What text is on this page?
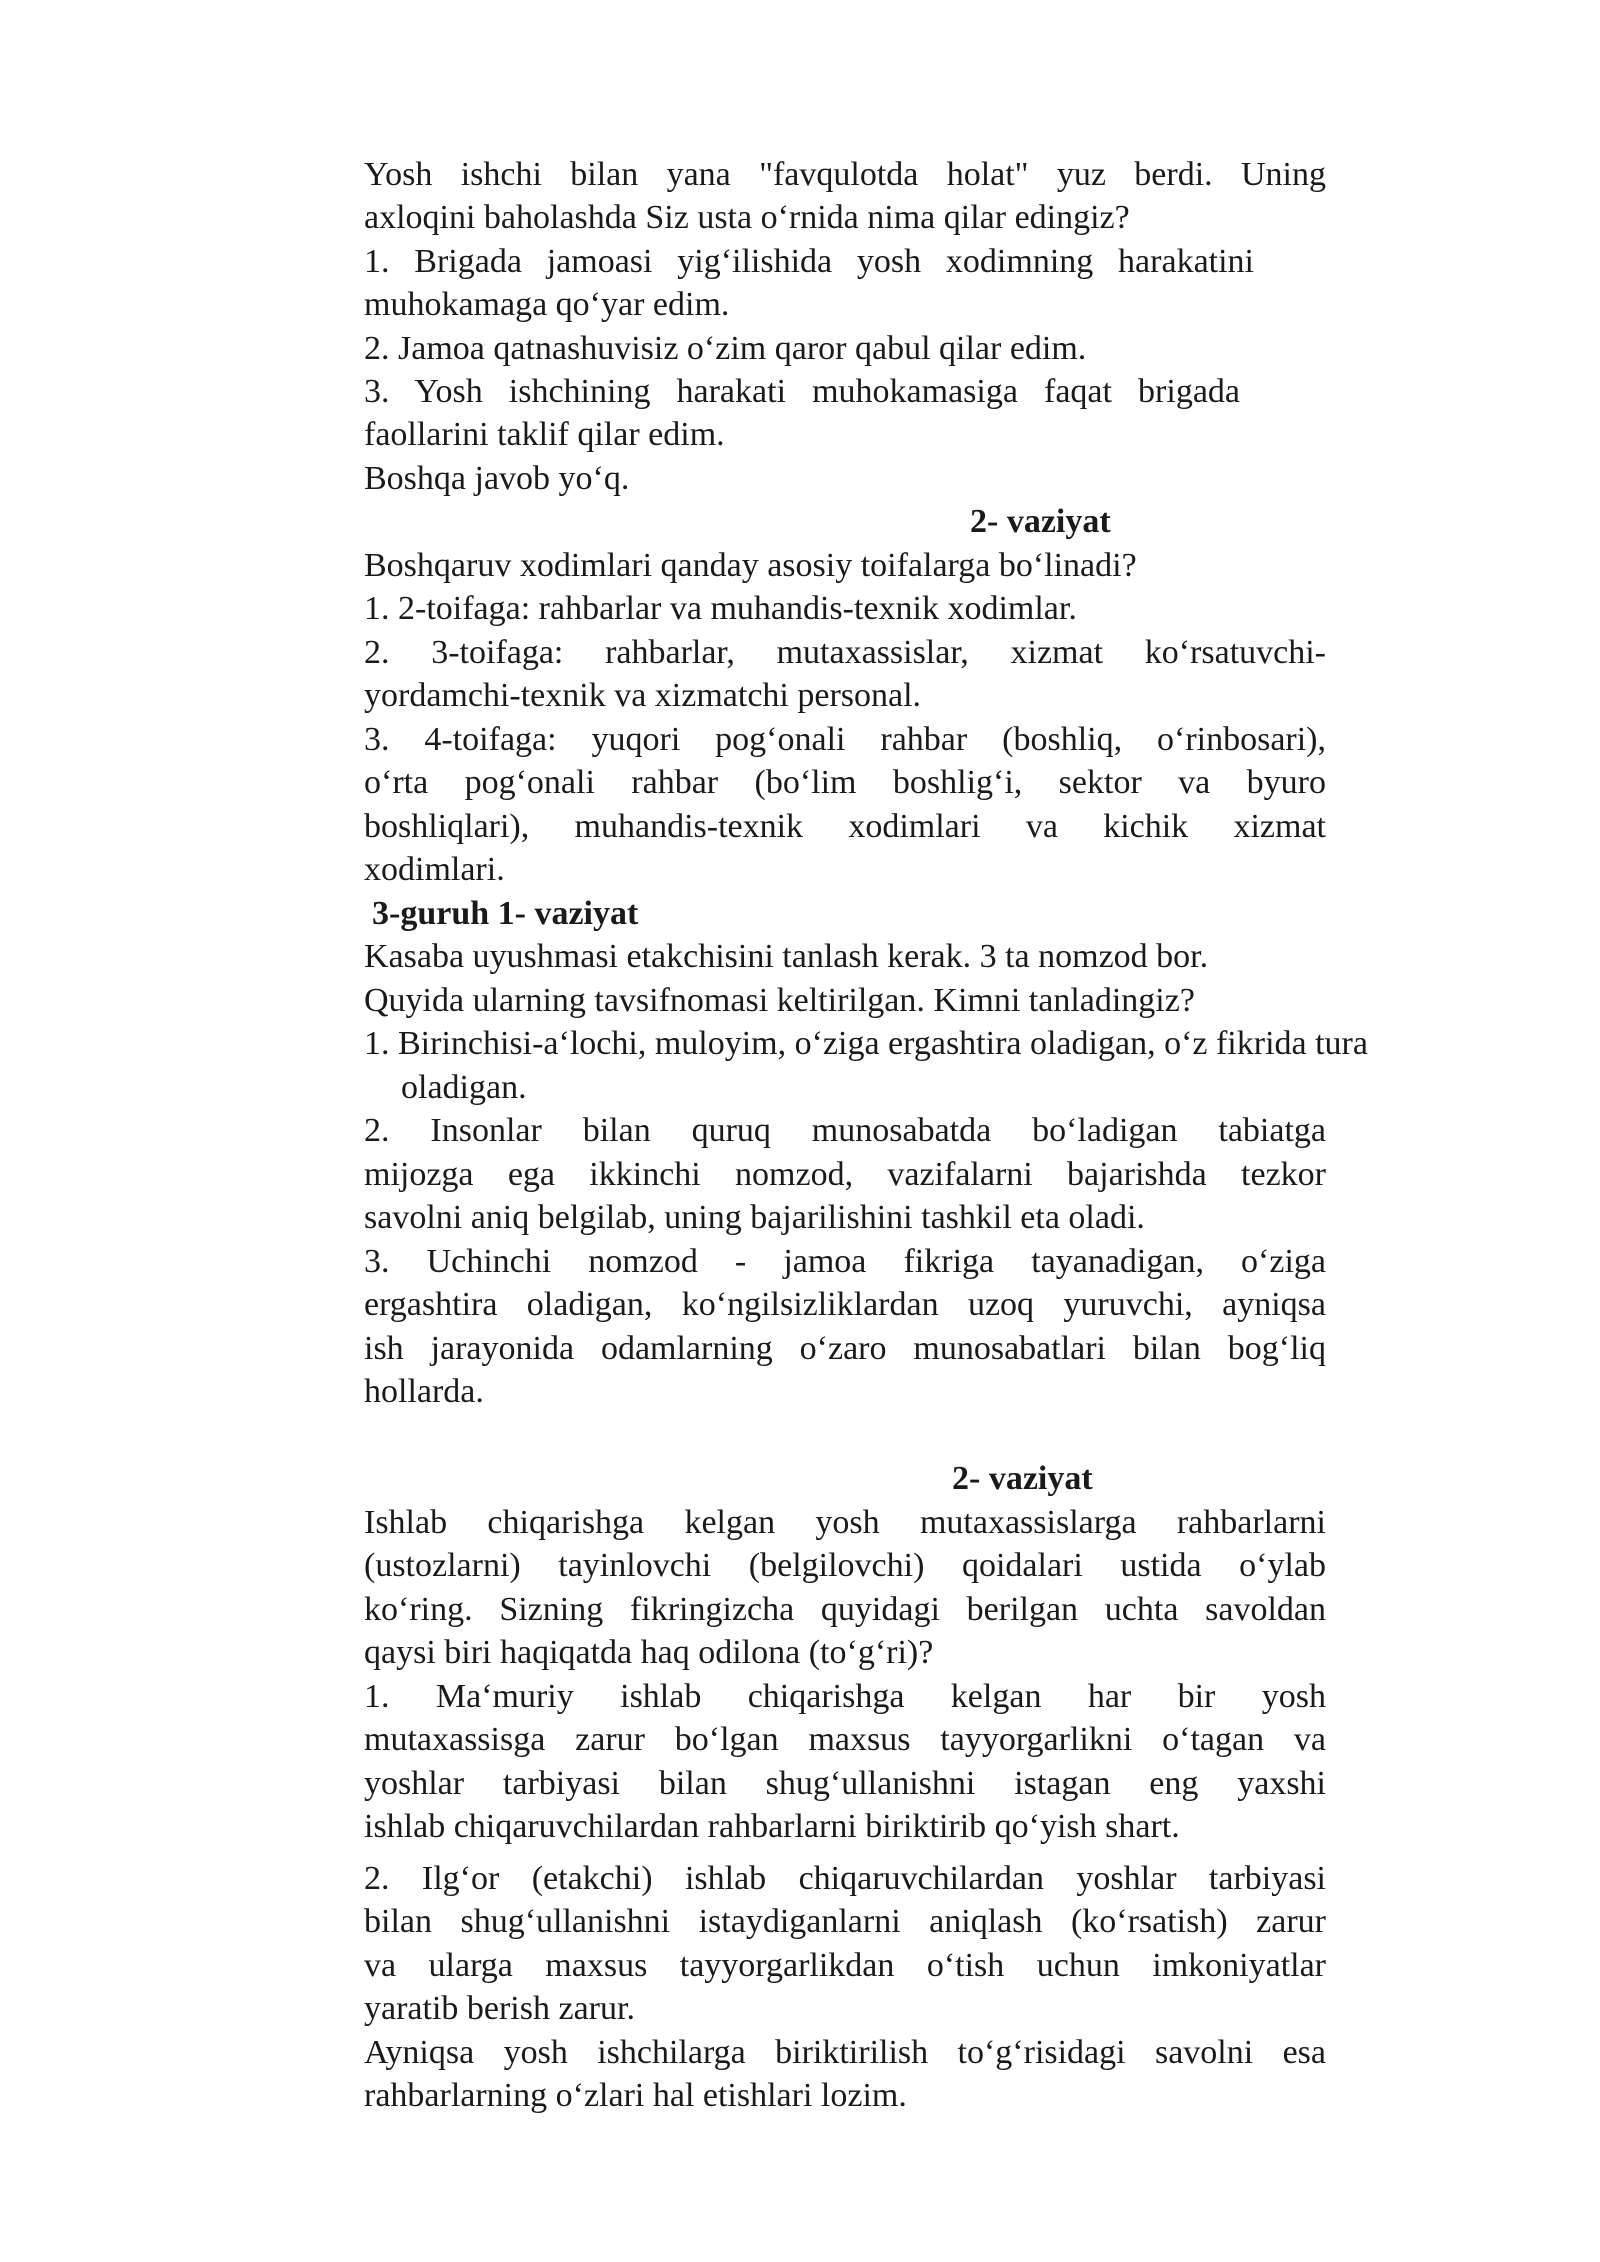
Yosh ishchi bilan yana "favqulotda holat" yuz berdi. Uning
axloqini baholashda Siz usta o‘rnida nima qilar edingiz?
1. Brigada jamoasi yig‘ilishida yosh xodimning harakatini
muhokamaga qo‘yar edim.
2. Jamoa qatnashuvisiz o‘zim qaror qabul qilar edim.
3. Yosh ishchining harakati muhokamasiga faqat brigada
faollarini taklif qilar edim.
Boshqa javob yo‘q.
2- vaziyat
Boshqaruv xodimlari qanday asosiy toifalarga bo‘linadi?
1. 2-toifaga: rahbarlar va muhandis-texnik xodimlar.
2. 3-toifaga: rahbarlar, mutaxassislar, xizmat ko‘rsatuvchi-
yordamchi-texnik va xizmatchi personal.
3. 4-toifaga: yuqori pog‘onali rahbar (boshliq, o‘rinbosari),
o‘rta pog‘onali rahbar (bo‘lim boshlig‘i, sektor va byuro
boshliqlari), muhandis-texnik xodimlari va kichik xizmat
xodimlari.
3-guruh 1- vaziyat
Kasaba uyushmasi etakchisini tanlash kerak. 3 ta nomzod bor.
Quyida ularning tavsifnomasi keltirilgan. Kimni tanladingiz?
1. Birinchisi-a‘lochi, muloyim, o‘ziga ergashtira oladigan, o‘z fikrida tura
oladigan.
2. Insonlar bilan quruq munosabatda bo‘ladigan tabiatga
mijozga ega ikkinchi nomzod, vazifalarni bajarishda tezkor
savolni aniq belgilab, uning bajarilishini tashkil eta oladi.
3. Uchinchi nomzod - jamoa fikriga tayanadigan, o‘ziga
ergashtira oladigan, ko‘ngilsizliklardan uzoq yuruvchi, ayniqsa
ish jarayonida odamlarning o‘zaro munosabatlari bilan bog‘liq
hollarda.
2- vaziyat
Ishlab chiqarishga kelgan yosh mutaxassislarga rahbarlarni
(ustozlarni) tayinlovchi (belgilovchi) qoidalari ustida o‘ylab
ko‘ring. Sizning fikringizcha quyidagi berilgan uchta savoldan
qaysi biri haqiqatda haq odilona (to‘g‘ri)?
1. Ma‘muriy ishlab chiqarishga kelgan har bir yosh
mutaxassisga zarur bo‘lgan maxsus tayyorgarlikni o‘tagan va
yoshlar tarbiyasi bilan shug‘ullanishni istagan eng yaxshi
ishlab chiqaruvchilardan rahbarlarni biriktirib qo‘yish shart.
2. Ilg‘or (etakchi) ishlab chiqaruvchilardan yoshlar tarbiyasi
bilan shug‘ullanishni istaydiganlarni aniqlash (ko‘rsatish) zarur
va ularga maxsus tayyorgarlikdan o‘tish uchun imkoniyatlar
yaratib berish zarur.
Ayniqsa yosh ishchilarga biriktirilish to‘g‘risidagi savolni esa
rahbarlarning o‘zlari hal etishlari lozim.
